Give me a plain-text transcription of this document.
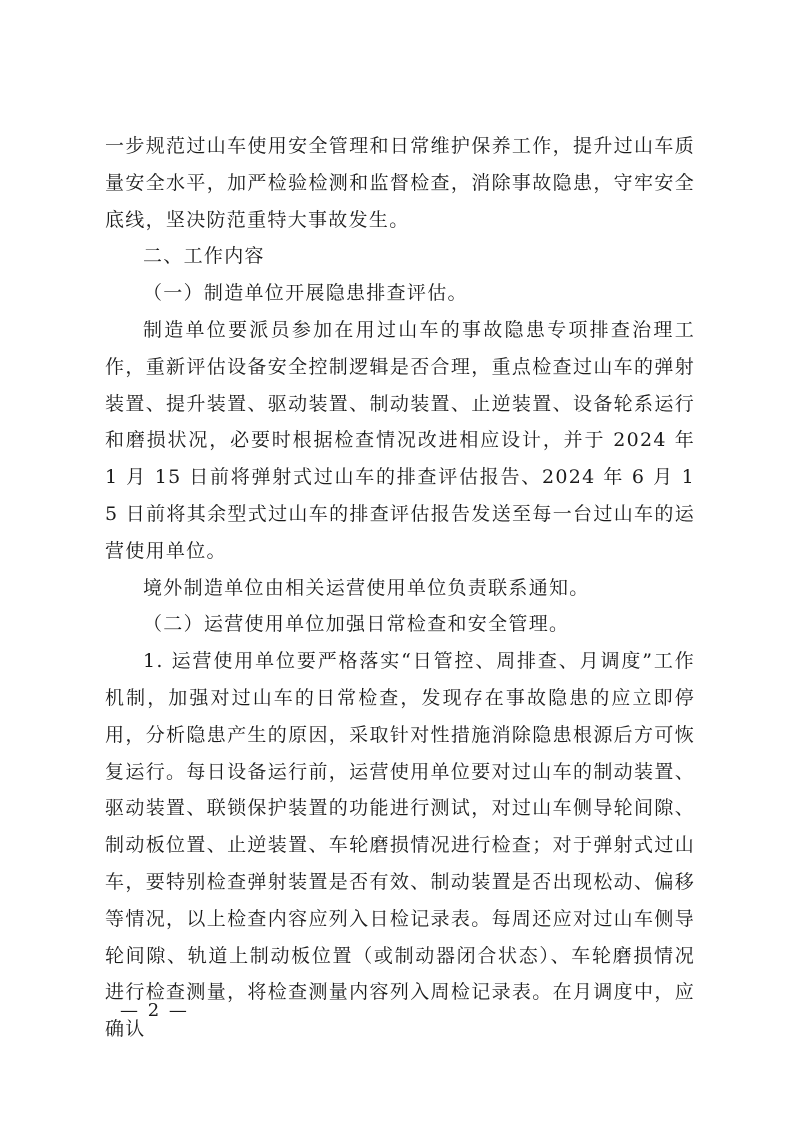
一步规范过山车使用安全管理和日常维护保养工作，提升过山车质量安全水平，加严检验检测和监督检查，消除事故隐患，守牢安全底线，坚决防范重特大事故发生。

二、工作内容

（一）制造单位开展隐患排查评估。

制造单位要派员参加在用过山车的事故隐患专项排查治理工作，重新评估设备安全控制逻辑是否合理，重点检查过山车的弹射装置、提升装置、驱动装置、制动装置、止逆装置、设备轮系运行和磨损状况，必要时根据检查情况改进相应设计，并于 2024 年 1 月 15 日前将弹射式过山车的排查评估报告、2024 年 6 月 15 日前将其余型式过山车的排查评估报告发送至每一台过山车的运营使用单位。

境外制造单位由相关运营使用单位负责联系通知。

（二）运营使用单位加强日常检查和安全管理。

1. 运营使用单位要严格落实“日管控、周排查、月调度”工作机制，加强对过山车的日常检查，发现存在事故隐患的应立即停用，分析隐患产生的原因，采取针对性措施消除隐患根源后方可恢复运行。每日设备运行前，运营使用单位要对过山车的制动装置、驱动装置、联锁保护装置的功能进行测试，对过山车侧导轮间隙、制动板位置、止逆装置、车轮磨损情况进行检查；对于弹射式过山车，要特别检查弹射装置是否有效、制动装置是否出现松动、偏移等情况，以上检查内容应列入日检记录表。每周还应对过山车侧导轮间隙、轨道上制动板位置（或制动器闭合状态）、车轮磨损情况进行检查测量，将检查测量内容列入周检记录表。在月调度中，应确认

— 2 —
